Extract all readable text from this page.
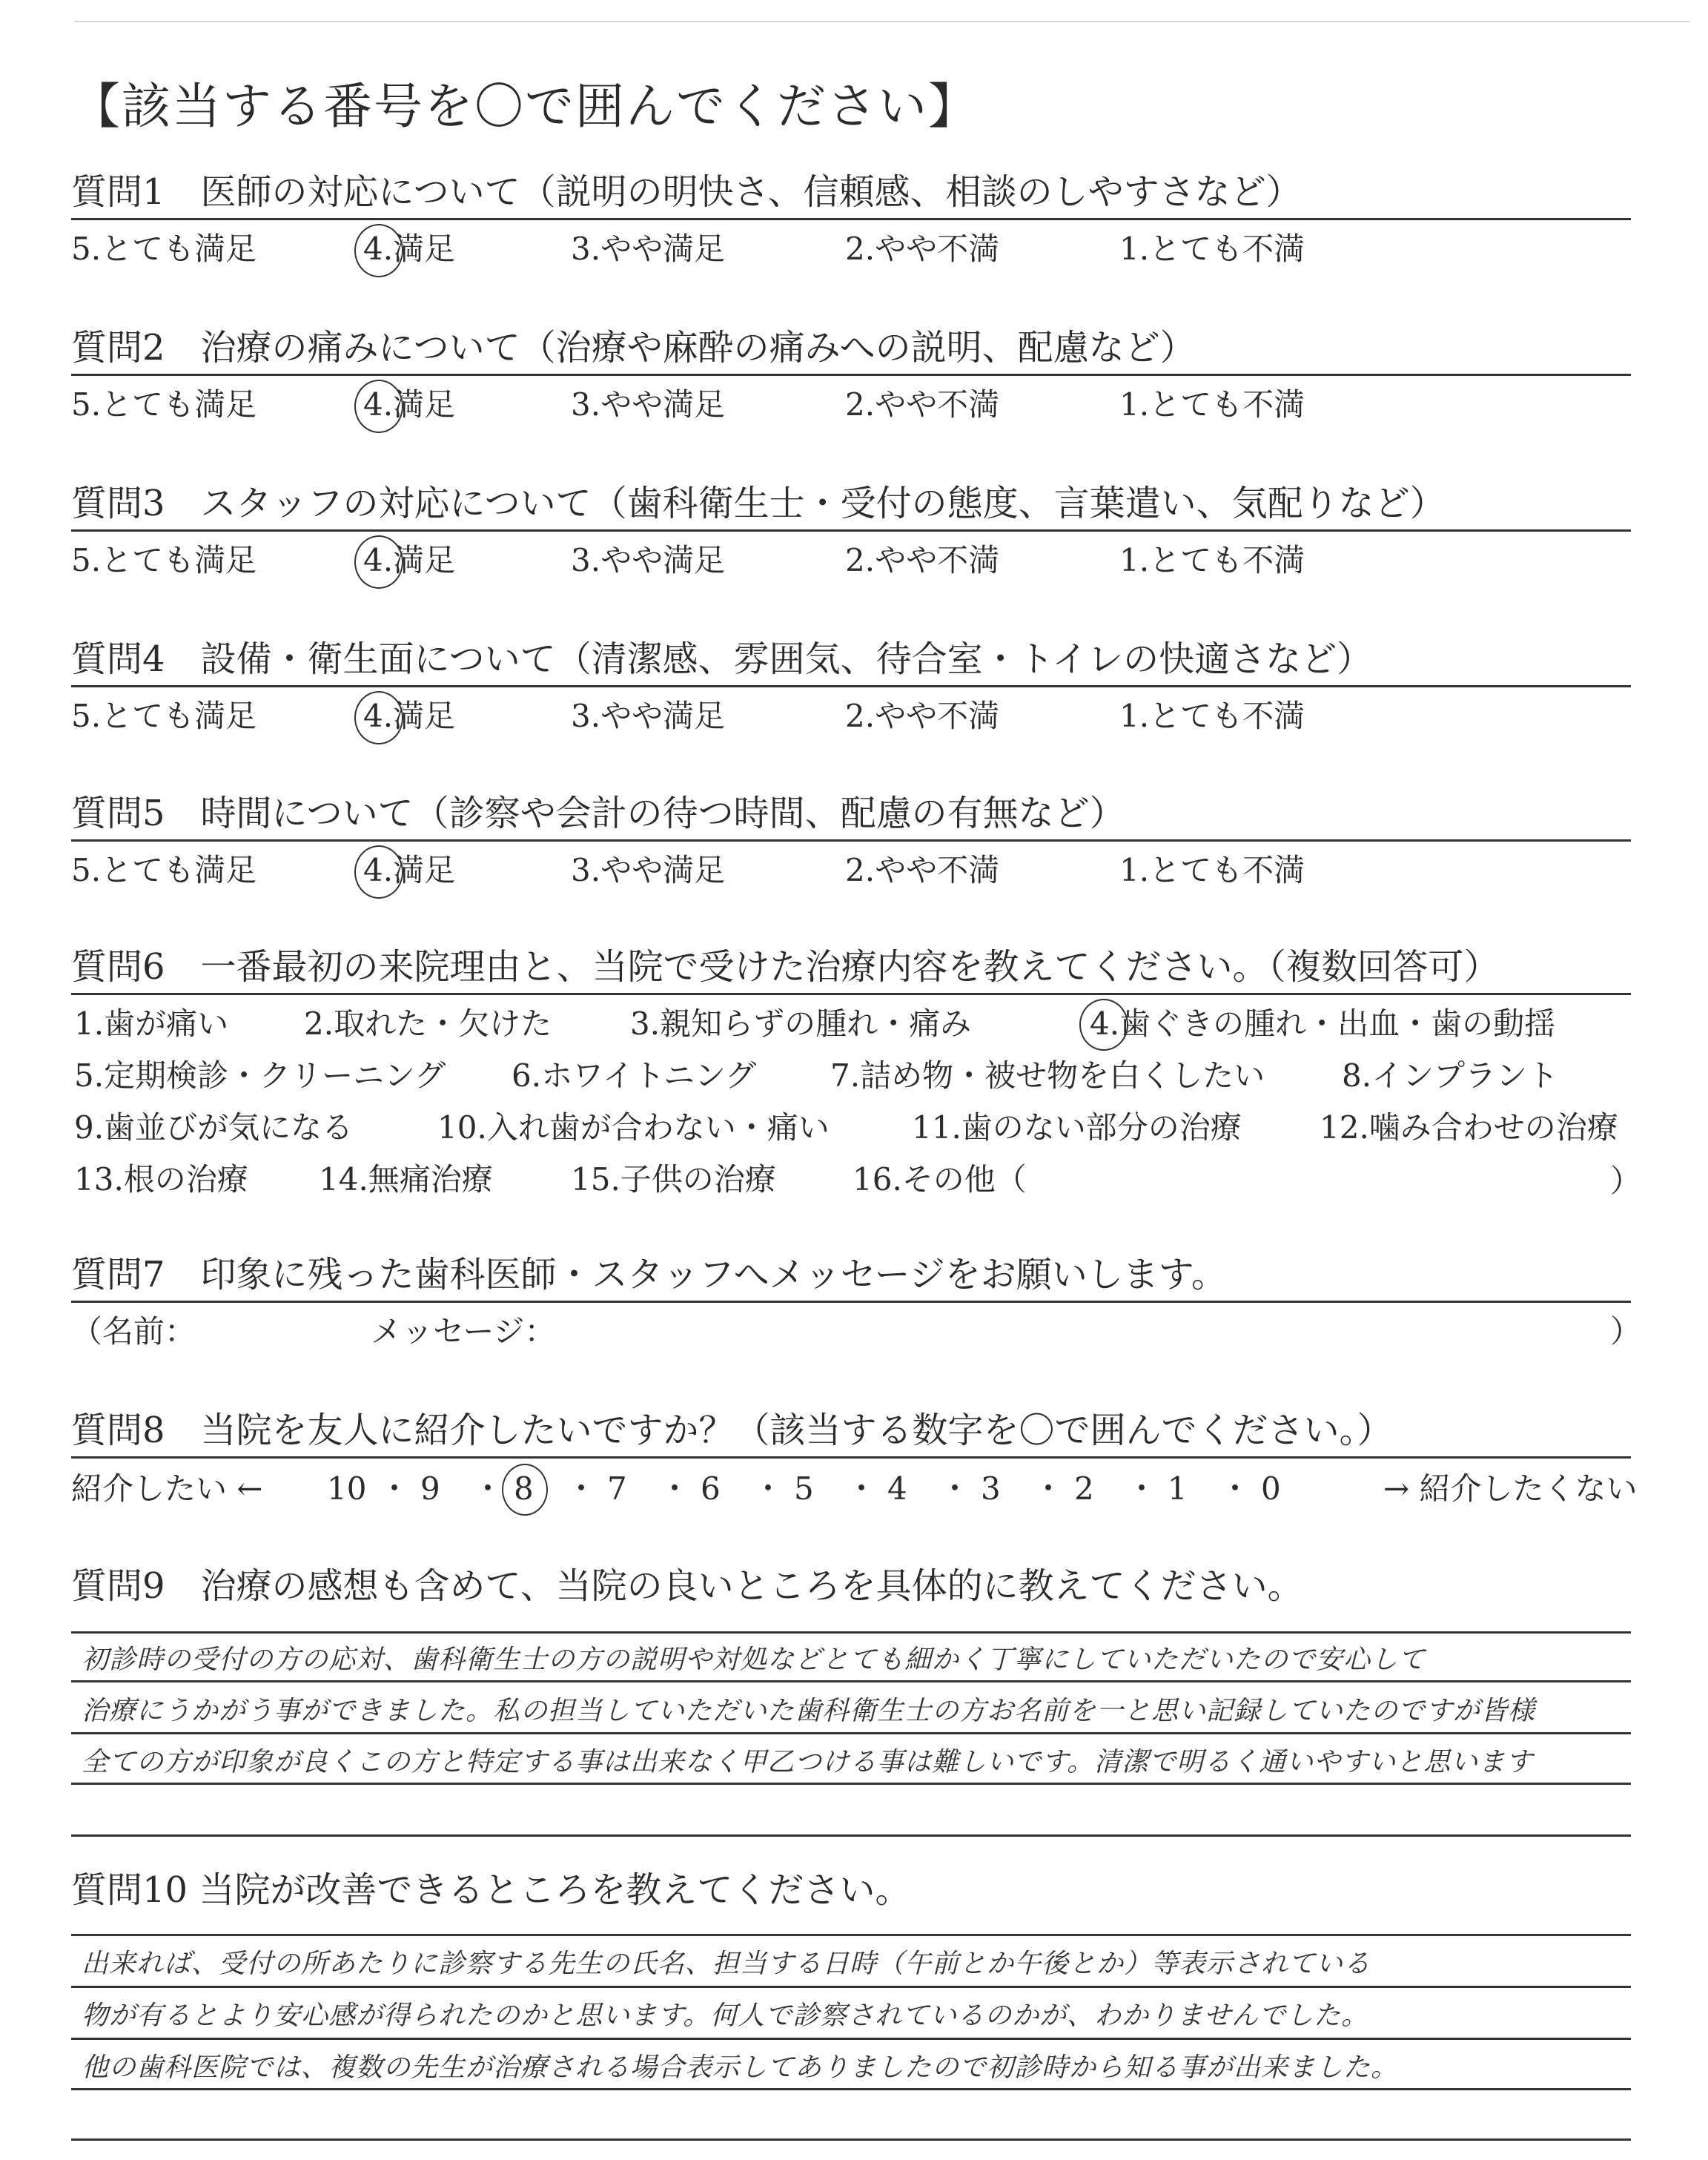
【該当する番号を〇で囲んでください】
質問1　医師の対応について（説明の明快さ、信頼感、相談のしやすさなど）
質問2　治療の痛みについて（治療や麻酔の痛みへの説明、配慮など）
質問3　スタッフの対応について（歯科衛生士・受付の態度、言葉遣い、気配りなど）
質問4　設備・衛生面について（清潔感、雰囲気、待合室・トイレの快適さなど）
質問5　時間について（診察や会計の待つ時間、配慮の有無など）
5.とても満足	4.満足	3.やや満足	2.やや不満	1.とても不満
5.とても満足	4.満足	3.やや満足	2.やや不満	1.とても不満
5.とても満足	4.満足	3.やや満足	2.やや不満	1.とても不満
5.とても満足	4.満足	3.やや満足	2.やや不満	1.とても不満
5.とても満足	4.満足	3.やや満足	2.やや不満	1.とても不満
質問6　一番最初の来院理由と、当院で受けた治療内容を教えてください。（複数回答可）
1.歯が痛い 2.取れた・欠けた	3.親知らずの腫れ・痛み	4.歯ぐきの腫れ・出血・歯の動揺
5.定期検診・クリーニング 6.ホワイトニング 7.詰め物・被せ物を白くしたい 8.インプラント
9.歯並びが気になる	10.入れ歯が合わない・痛い	11.歯のない部分の治療	12.噛み合わせの治療
13.根の治療 14.無痛治療	15.子供の治療 16.その他（	）
質問7　印象に残った歯科医師・スタッフへメッセージをお願いします。
（名前：	メッセージ：	）
質問8　当院を友人に紹介したいですか？（該当する数字を〇で囲んでください。）
紹介したい ← 10 ・ 9 ・ 8 ・ 7 ・ 6 ・ 5 ・ 4 ・ 3 ・ 2 ・ 1 ・ 0	→ 紹介したくない
質問9　治療の感想も含めて、当院の良いところを具体的に教えてください。
初診時の受付の方の応対、歯科衛生士の方の説明や対処などとても細かく丁寧にしていただいたので安心して
治療にうかがう事ができました。私の担当していただいた歯科衛生士の方お名前を一と思い記録していたのですが皆様
全ての方が印象が良くこの方と特定する事は出来なく甲乙つける事は難しいです。清潔で明るく通いやすいと思います
質問10 当院が改善できるところを教えてください。
出来れば、受付の所あたりに診察する先生の氏名、担当する日時（午前とか午後とか）等表示されている
物が有るとより安心感が得られたのかと思います。何人で診察されているのかが、わかりませんでした。
他の歯科医院では、複数の先生が治療される場合表示してありましたので初診時から知る事が出来ました。
